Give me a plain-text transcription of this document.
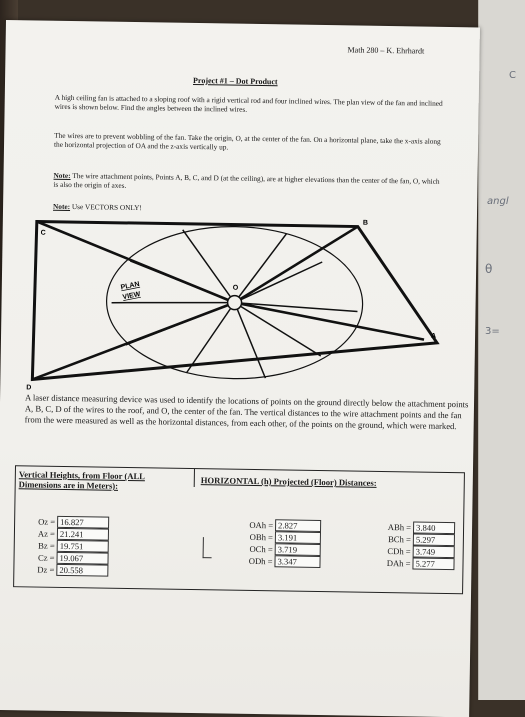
C
angl
θ
3=
Math 280 – K. Ehrhardt
Project #1 – Dot Product
A high ceiling fan is attached to a sloping roof with a rigid vertical rod and four inclined wires. The plan view of the fan and inclined wires is shown below. Find the angles between the inclined wires.
The wires are to prevent wobbling of the fan. Take the origin, O, at the center of the fan. On a horizontal plane, take the x-axis along the horizontal projection of OA and the z-axis vertically up.
Note: The wire attachment points, Points A, B, C, and D (at the ceiling), are at higher elevations than the center of the fan, O, which is also the origin of axes.
Note: Use VECTORS ONLY!
O
A
B
C
D
PLAN
VIEW
A laser distance measuring device was used to identify the locations of points on the ground directly below the attachment points A, B, C, D of the wires to the roof, and O, the center of the fan. The vertical distances to the wire attachment points and the fan from the were measured as well as the horizontal distances, from each other, of the points on the ground, which were marked.
Vertical Heights, from Floor (ALL Dimensions are in Meters):	HORIZONTAL (h) Projected (Floor) Distances:
Oz = 16.827
Az = 21.241
Bz = 19.751
Cz = 19.067
Dz = 20.558
OAh = 2.827
OBh = 3.191
OCh = 3.719
ODh = 3.347
ABh = 3.840
BCh = 5.297
CDh = 3.749
DAh = 5.277
